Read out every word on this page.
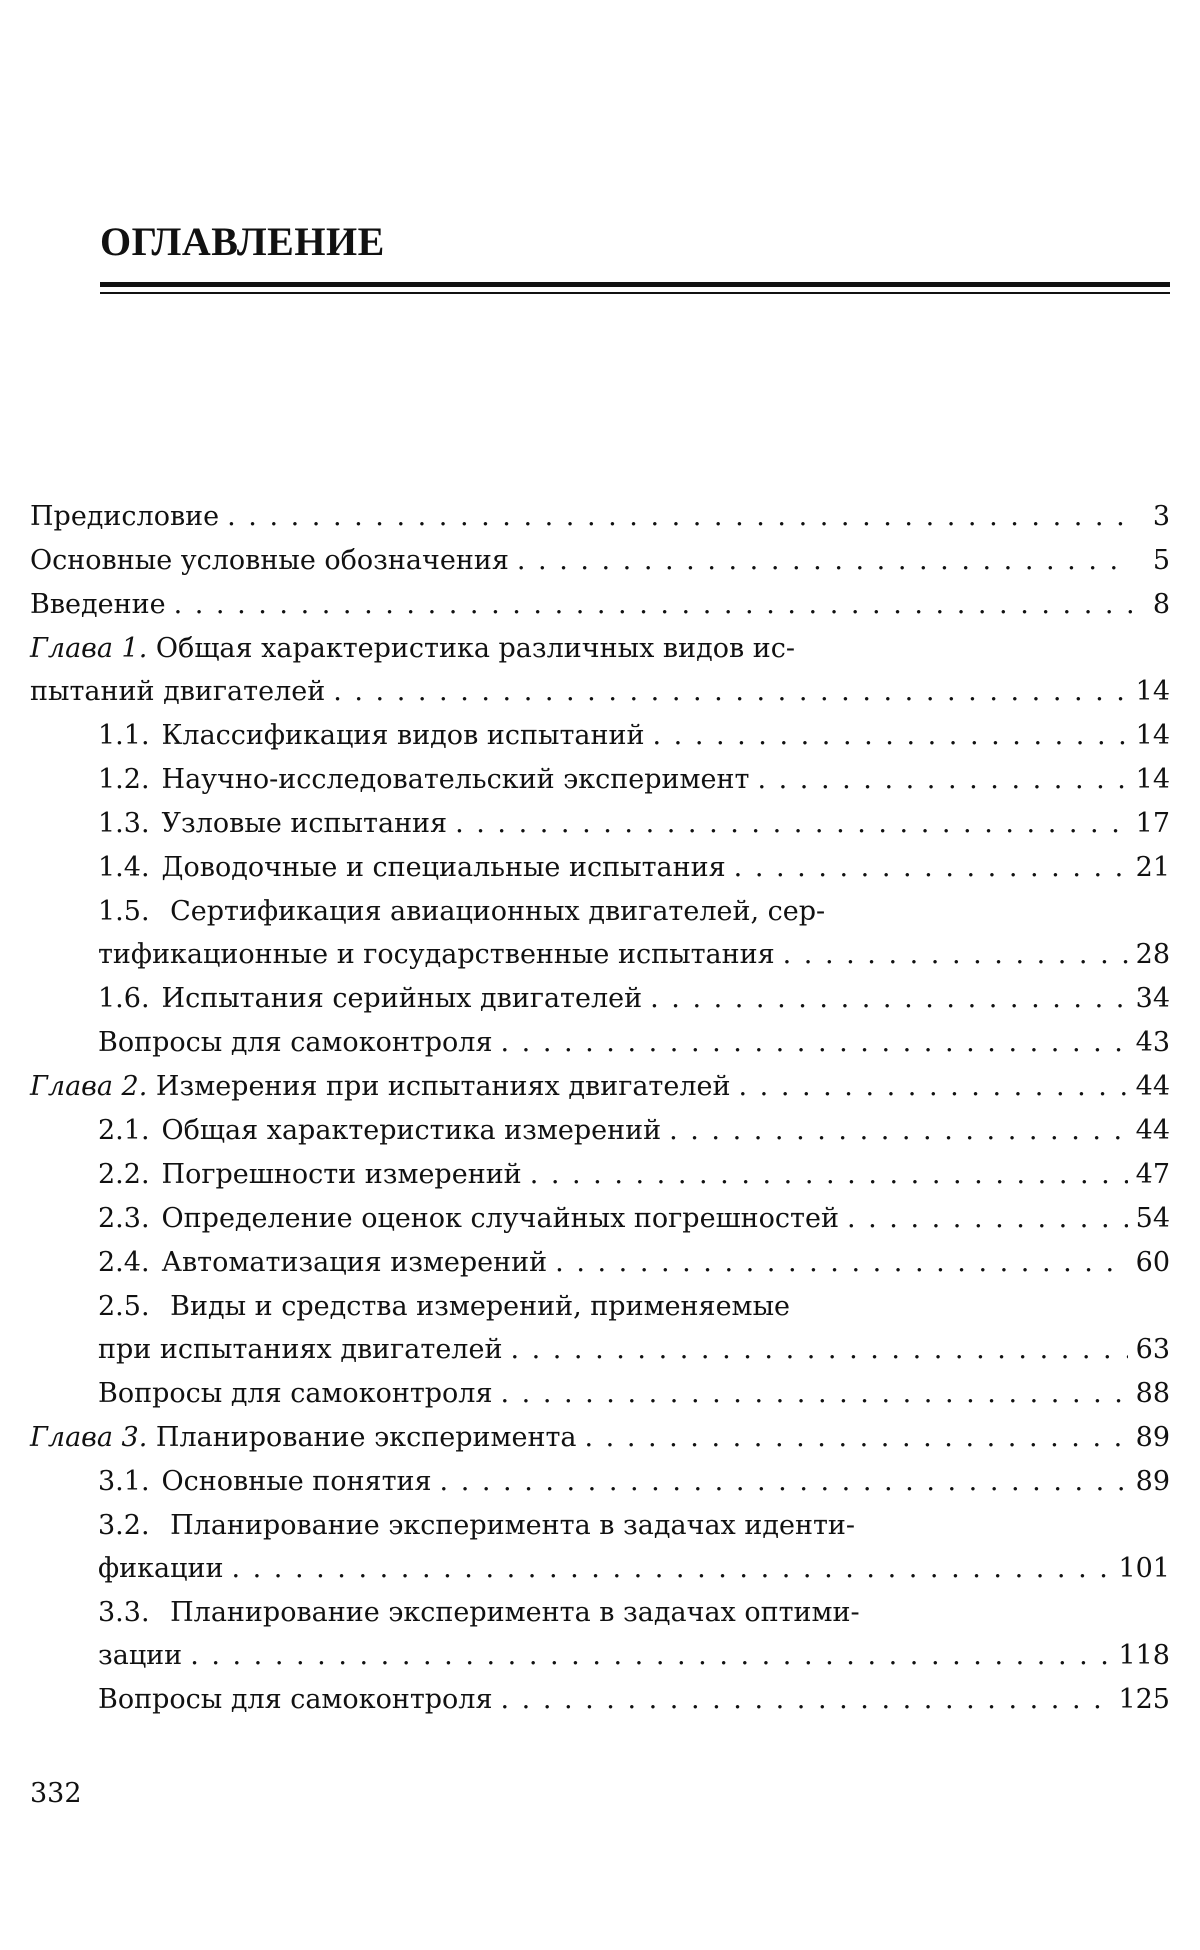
ОГЛАВЛЕНИЕ
Предисловие . . .	3
Основные условные обозначения . . .	5
Введение . . .	8
Глава 1. Общая характеристика различных видов ис-
пытаний двигателей . . .	14
1.1. Классификация видов испытаний . . .	14
1.2. Научно-исследовательский эксперимент . . .	14
1.3. Узловые испытания . . .	17
1.4. Доводочные и специальные испытания . . .	21
1.5. Сертификация авиационных двигателей, сер-
тификационные и государственные испытания . . .	28
1.6. Испытания серийных двигателей . . .	34
Вопросы для самоконтроля . . .	43
Глава 2.
Измерения при испытаниях двигателей . . .	44
2.1. Общая характеристика измерений . . .	44
2.2. Погрешности измерений . . .	47
2.3. Определение оценок случайных погрешностей . . .	54
2.4. Автоматизация измерений . . .	60
2.5. Виды и средства измерений, применяемые
при испытаниях двигателей . . .	63
Вопросы для самоконтроля . . .	88
Глава 3.
Планирование эксперимента . . .	89
3.1. Основные понятия . . .	89
3.2. Планирование эксперимента в задачах иденти-
фикации . . .	101
3.3. Планирование эксперимента в задачах оптими-
зации . . .	118
Вопросы для самоконтроля . . .	125
332
